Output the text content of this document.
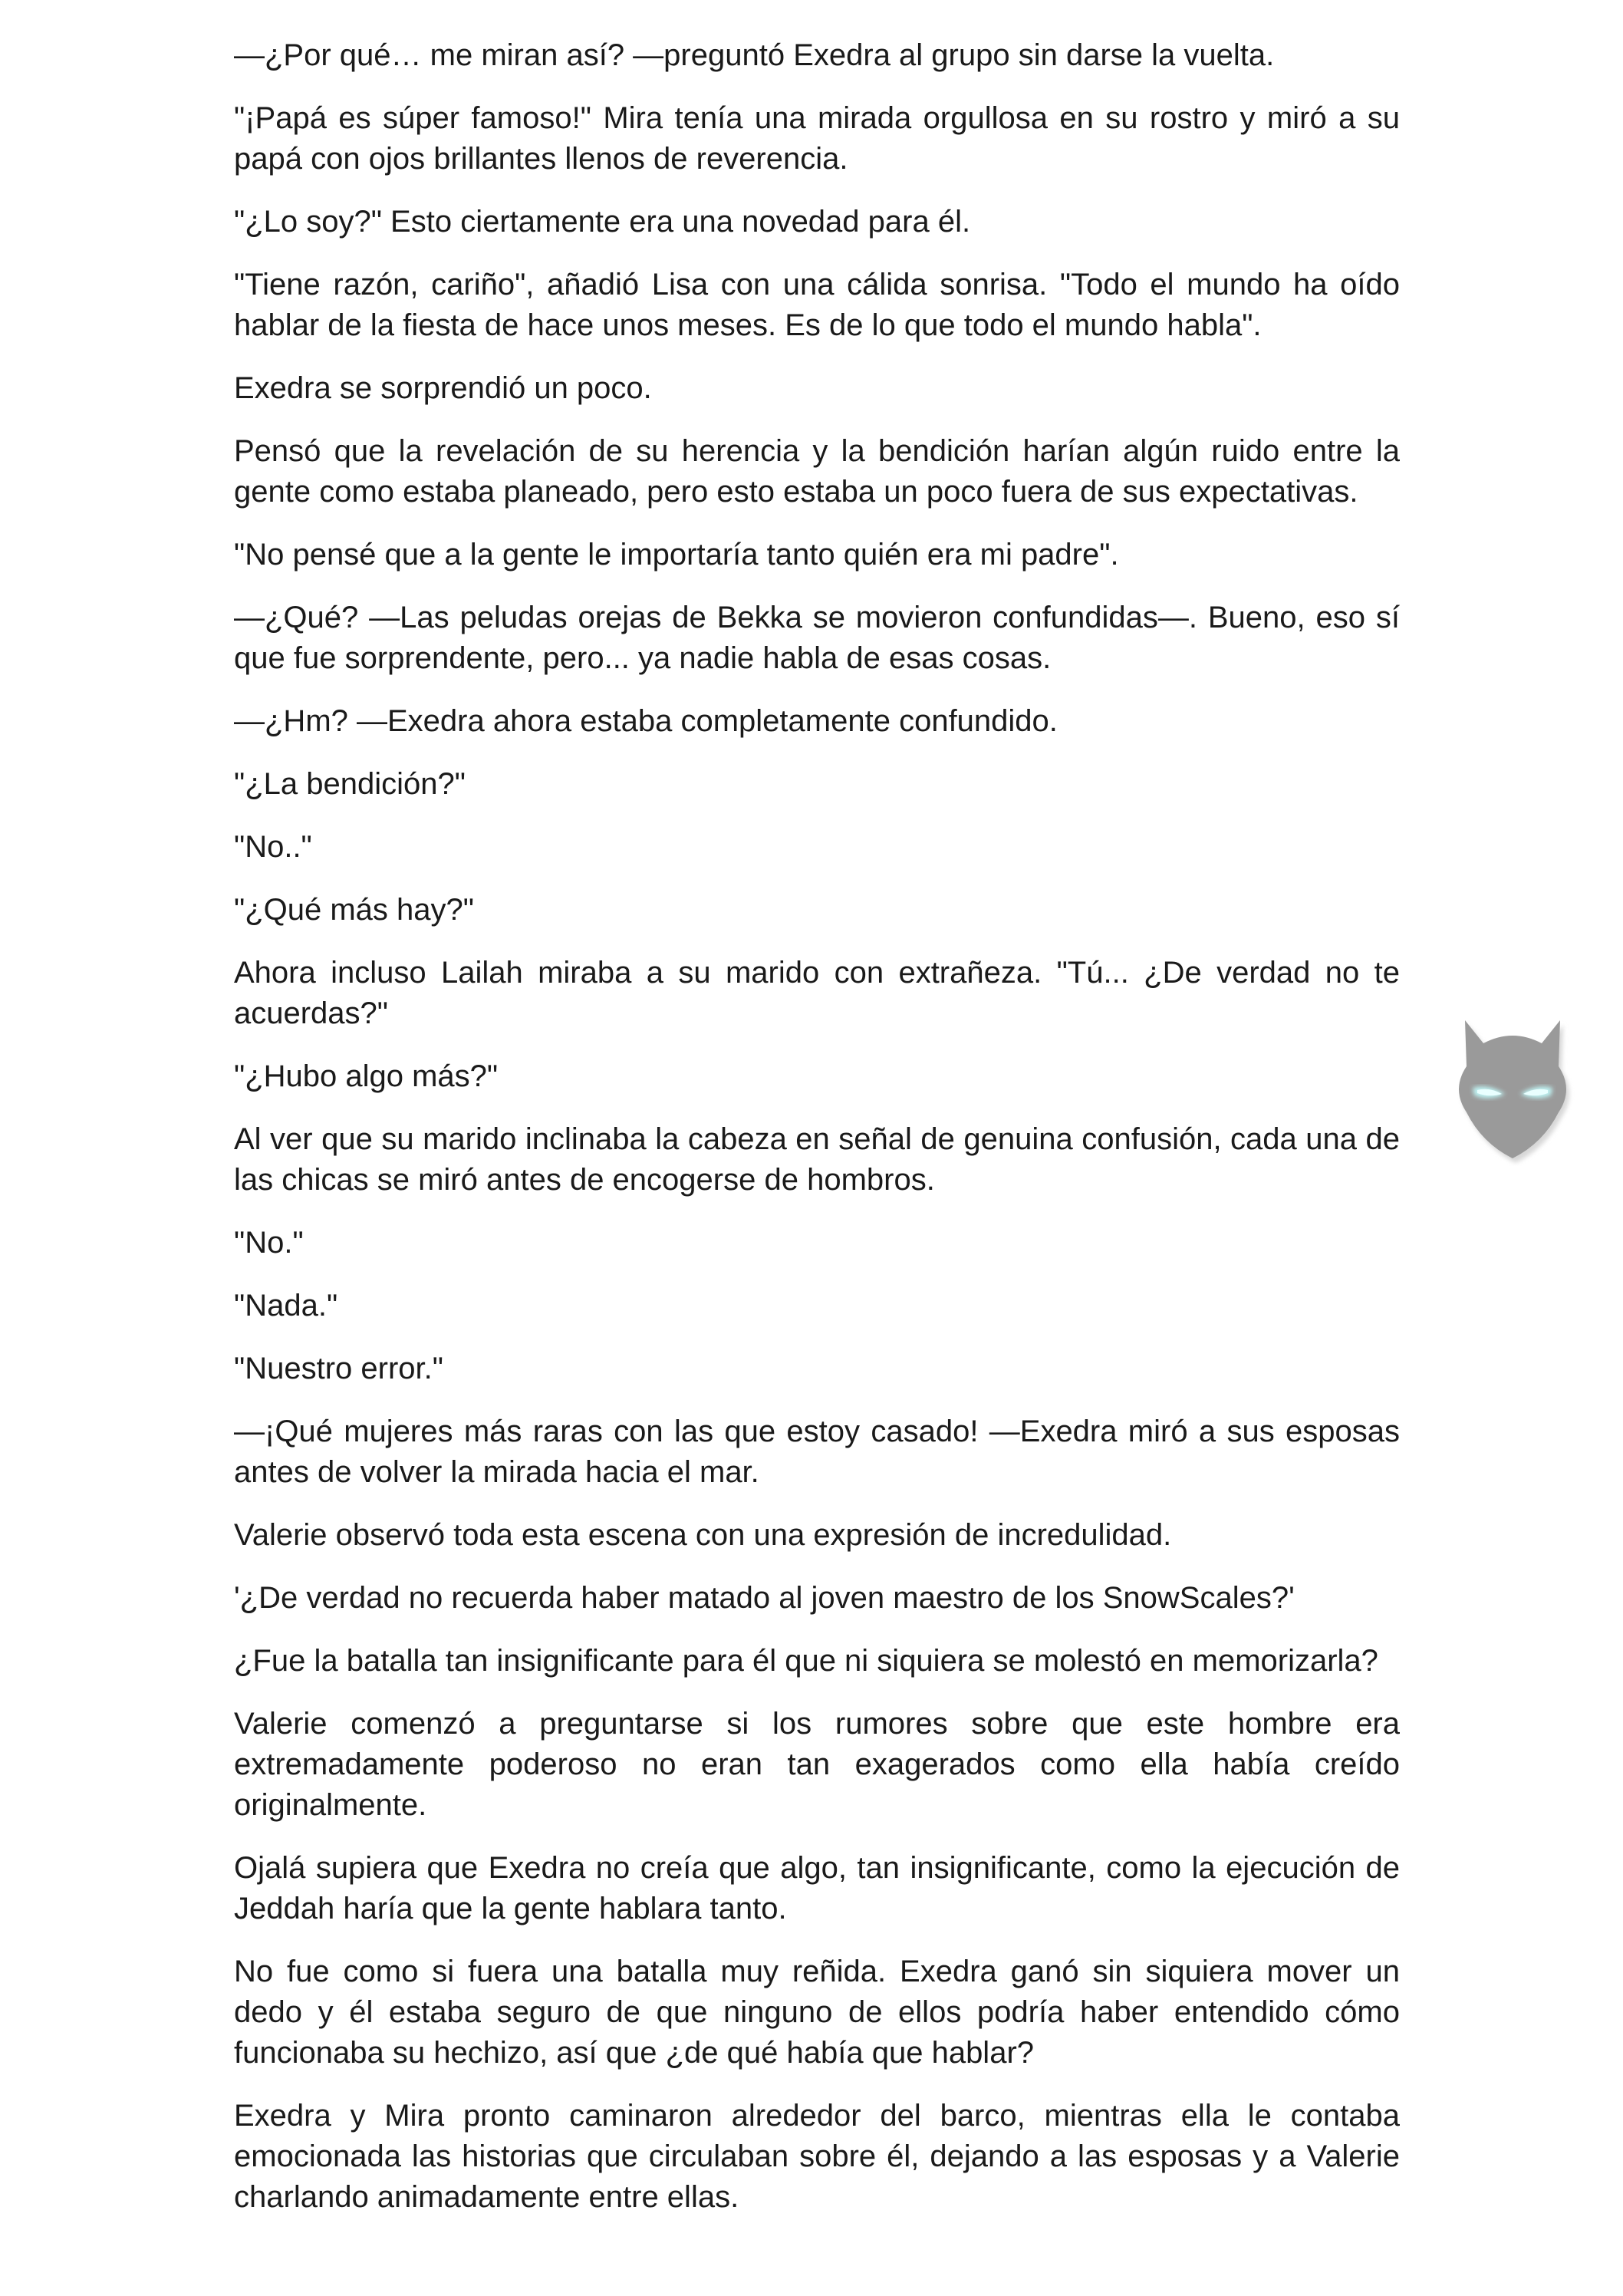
—¿Por qué… me miran así? —preguntó Exedra al grupo sin darse la vuelta.

"¡Papá es súper famoso!" Mira tenía una mirada orgullosa en su rostro y miró a su papá con ojos brillantes llenos de reverencia.

"¿Lo soy?" Esto ciertamente era una novedad para él.

"Tiene razón, cariño", añadió Lisa con una cálida sonrisa. "Todo el mundo ha oído hablar de la fiesta de hace unos meses. Es de lo que todo el mundo habla".

Exedra se sorprendió un poco.

Pensó que la revelación de su herencia y la bendición harían algún ruido entre la gente como estaba planeado, pero esto estaba un poco fuera de sus expectativas.

"No pensé que a la gente le importaría tanto quién era mi padre".

—¿Qué? —Las peludas orejas de Bekka se movieron confundidas—. Bueno, eso sí que fue sorprendente, pero... ya nadie habla de esas cosas.

—¿Hm? —Exedra ahora estaba completamente confundido.

"¿La bendición?"

"No.."

"¿Qué más hay?"

Ahora incluso Lailah miraba a su marido con extrañeza. "Tú... ¿De verdad no te acuerdas?"

"¿Hubo algo más?"

Al ver que su marido inclinaba la cabeza en señal de genuina confusión, cada una de las chicas se miró antes de encogerse de hombros.

"No."

"Nada."

"Nuestro error."

—¡Qué mujeres más raras con las que estoy casado! —Exedra miró a sus esposas antes de volver la mirada hacia el mar.

Valerie observó toda esta escena con una expresión de incredulidad.

'¿De verdad no recuerda haber matado al joven maestro de los SnowScales?'

¿Fue la batalla tan insignificante para él que ni siquiera se molestó en memorizarla?

Valerie comenzó a preguntarse si los rumores sobre que este hombre era extremadamente poderoso no eran tan exagerados como ella había creído originalmente.

Ojalá supiera que Exedra no creía que algo, tan insignificante, como la ejecución de Jeddah haría que la gente hablara tanto.

No fue como si fuera una batalla muy reñida. Exedra ganó sin siquiera mover un dedo y él estaba seguro de que ninguno de ellos podría haber entendido cómo funcionaba su hechizo, así que ¿de qué había que hablar?

Exedra y Mira pronto caminaron alrededor del barco, mientras ella le contaba emocionada las historias que circulaban sobre él, dejando a las esposas y a Valerie charlando animadamente entre ellas.
